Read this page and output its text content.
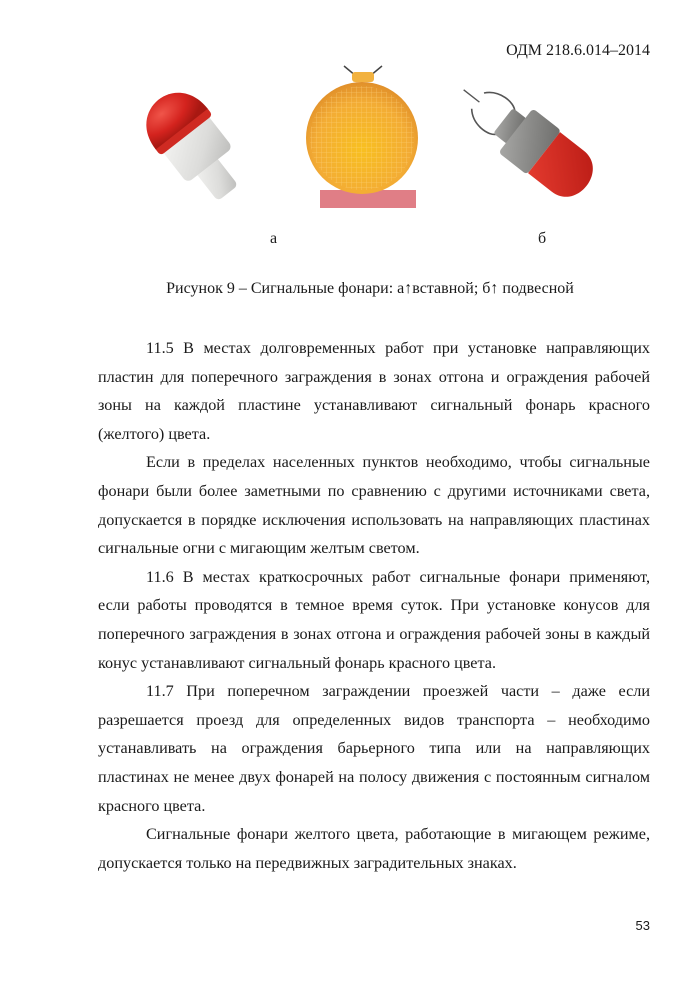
ОДМ 218.6.014–2014
а	б
Рисунок 9 – Сигнальные фонари: а↑вставной; б↑ подвесной

11.5 В местах долговременных работ при установке направляющих пластин для поперечного заграждения в зонах отгона и ограждения рабочей зоны на каждой пластине устанавливают сигнальный фонарь красного (желтого) цвета.

Если в пределах населенных пунктов необходимо, чтобы сигнальные фонари были более заметными по сравнению с другими источниками света, допускается в порядке исключения использовать на направляющих пластинах сигнальные огни с мигающим желтым светом.

11.6 В местах краткосрочных работ сигнальные фонари применяют, если работы проводятся в темное время суток. При установке конусов для поперечного заграждения в зонах отгона и ограждения рабочей зоны в каждый конус устанавливают сигнальный фонарь красного цвета.

11.7 При поперечном заграждении проезжей части – даже если разрешается проезд для определенных видов транспорта – необходимо устанавливать на ограждения барьерного типа или на направляющих пластинах не менее двух фонарей на полосу движения с постоянным сигналом красного цвета.

Сигнальные фонари желтого цвета, работающие в мигающем режиме, допускается только на передвижных заградительных знаках.

53
